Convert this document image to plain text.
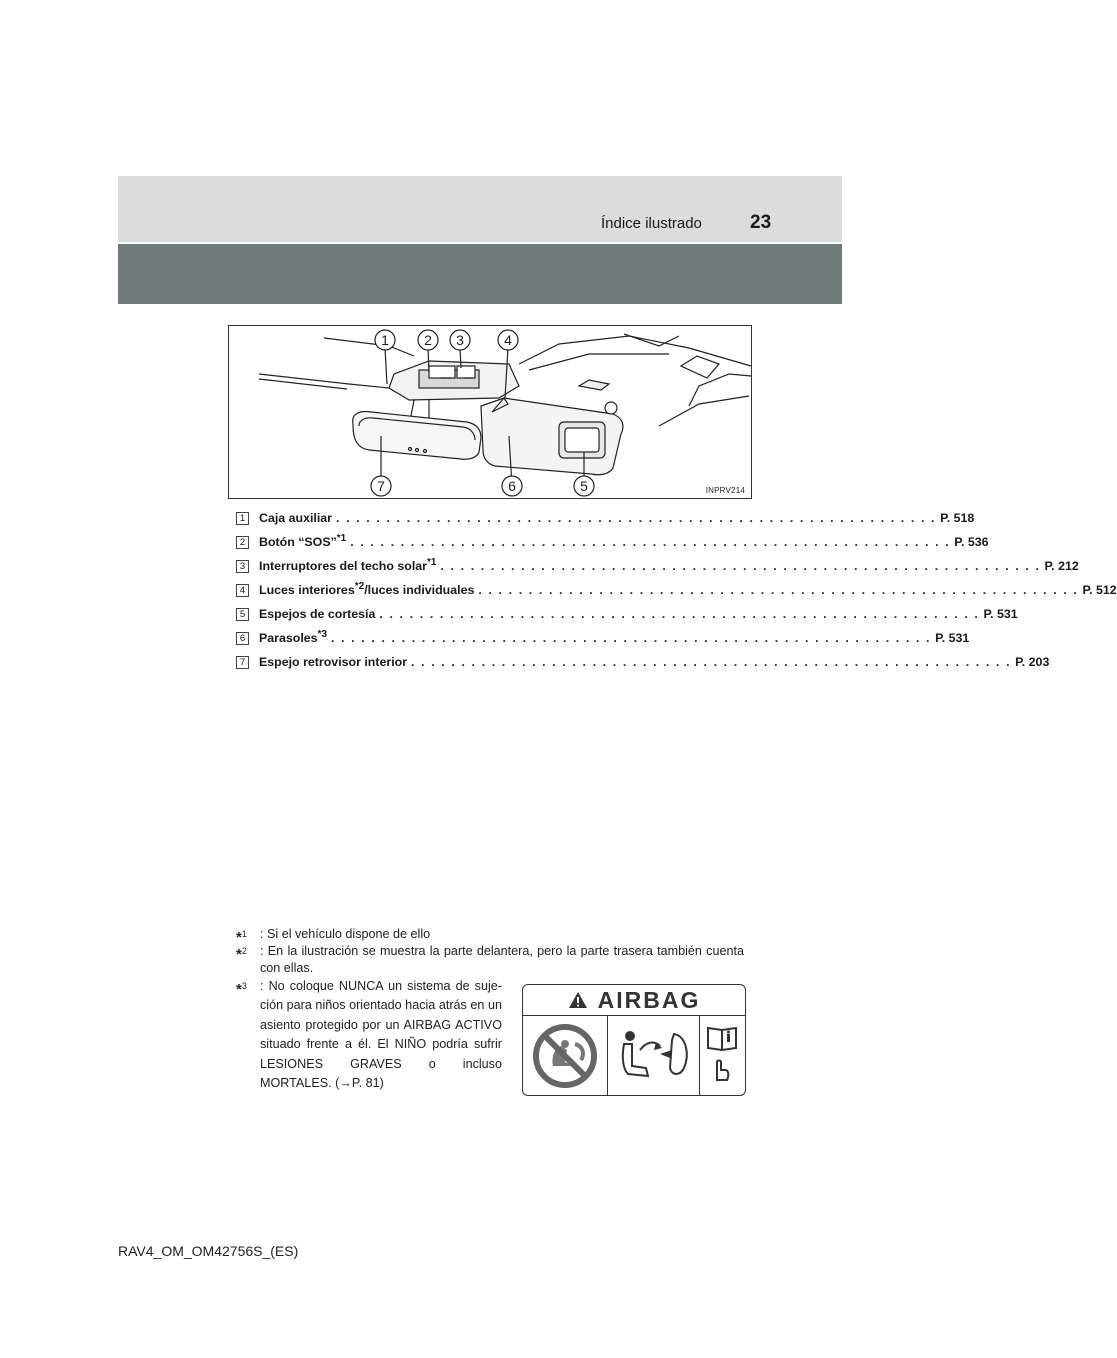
Índice ilustrado	23
1	2 3	4
5
6
7	INPRV214
1	Caja auxiliar . . . . . . . . . . . . . . . . . . . . . . . . . . . . . . . . . . . . . . . . . . . . . . . . . . . . . . . . . . . . P. 518
2	Botón “SOS”$^{*1}$ . . . . . . . . . . . . . . . . . . . . . . . . . . . . . . . . . . . . . . . . . . . . . . . . . . . . . . . . . . . . P. 536
3	Interruptores del techo solar$^{*1}$ . . . . . . . . . . . . . . . . . . . . . . . . . . . . . . . . . . . . . . . . . . . . . . . . . . . . . . . . . . . . P. 212
4	Luces interiores$^{*2}$/luces individuales . . . . . . . . . . . . . . . . . . . . . . . . . . . . . . . . . . . . . . . . . . . . . . . . . . . . . . . . . . . . P. 512
5	Espejos de cortesía . . . . . . . . . . . . . . . . . . . . . . . . . . . . . . . . . . . . . . . . . . . . . . . . . . . . . . . . . . . . P. 531
6	Parasoles$^{*3}$ . . . . . . . . . . . . . . . . . . . . . . . . . . . . . . . . . . . . . . . . . . . . . . . . . . . . . . . . . . . . P. 531
7	Espejo retrovisor interior . . . . . . . . . . . . . . . . . . . . . . . . . . . . . . . . . . . . . . . . . . . . . . . . . . . . . . . . . . . . P. 203
*$^1$ : Si el vehículo dispone de ello
*$^2$ : En la ilustración se muestra la parte delantera, pero la parte trasera también cuenta con ellas.
*$^3$	: No coloque NUNCA un sistema de sujeción para niños orientado hacia atrás en un asiento protegido por un AIRBAG ACTIVO situado frente a él. El NIÑO podría sufrir LESIONES GRAVES o incluso MORTALES. (→P. 81)
AIRBAG
RAV4_OM_OM42756S_(ES)
